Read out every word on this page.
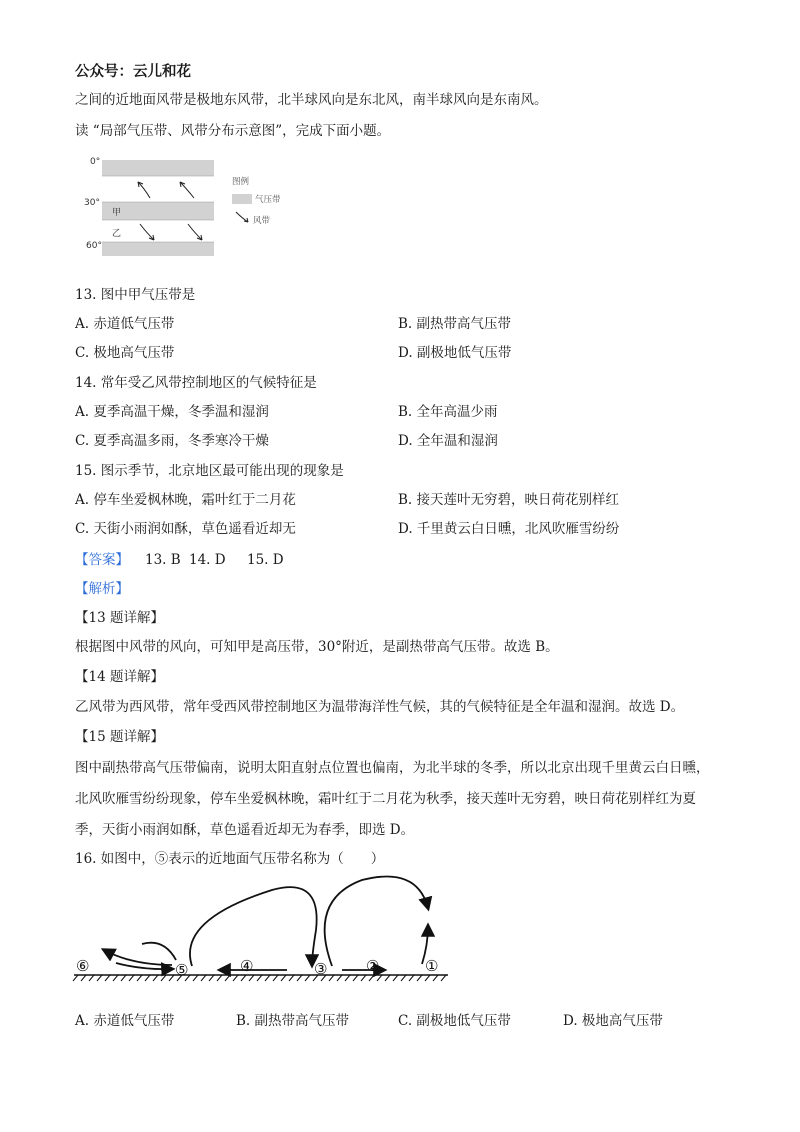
公众号：云儿和花
之间的近地面风带是极地东风带，北半球风向是东北风，南半球风向是东南风。
读 “局部气压带、风带分布示意图”，完成下面小题。
0°
30°
60°
甲
乙
图例
气压带
风带
13. 图中甲气压带是
A. 赤道低气压带	B. 副热带高气压带
C. 极地高气压带	D. 副极地低气压带
14. 常年受乙风带控制地区的气候特征是
A. 夏季高温干燥，冬季温和湿润	B. 全年高温少雨
C. 夏季高温多雨，冬季寒冷干燥	D. 全年温和湿润
15. 图示季节，北京地区最可能出现的现象是
A. 停车坐爱枫林晚，霜叶红于二月花	B. 接天莲叶无穷碧，映日荷花别样红
C. 天街小雨润如酥，草色遥看近却无	D. 千里黄云白日曛，北风吹雁雪纷纷
【答案】 13. B 14. D 15. D
【解析】
【13 题详解】
根据图中风带的风向，可知甲是高压带，30°附近，是副热带高气压带。故选 B。
【14 题详解】
乙风带为西风带，常年受西风带控制地区为温带海洋性气候，其的气候特征是全年温和湿润。故选 D。
【15 题详解】
图中副热带高气压带偏南，说明太阳直射点位置也偏南，为北半球的冬季，所以北京出现千里黄云白日曛，
北风吹雁雪纷纷现象，停车坐爱枫林晚，霜叶红于二月花为秋季，接天莲叶无穷碧，映日荷花别样红为夏
季，天街小雨润如酥，草色遥看近却无为春季，即选 D。
16. 如图中，⑤表示的近地面气压带名称为（　　）
⑥	⑤	④	③	②	①
A. 赤道低气压带	B. 副热带高气压带	C. 副极地低气压带	D. 极地高气压带
